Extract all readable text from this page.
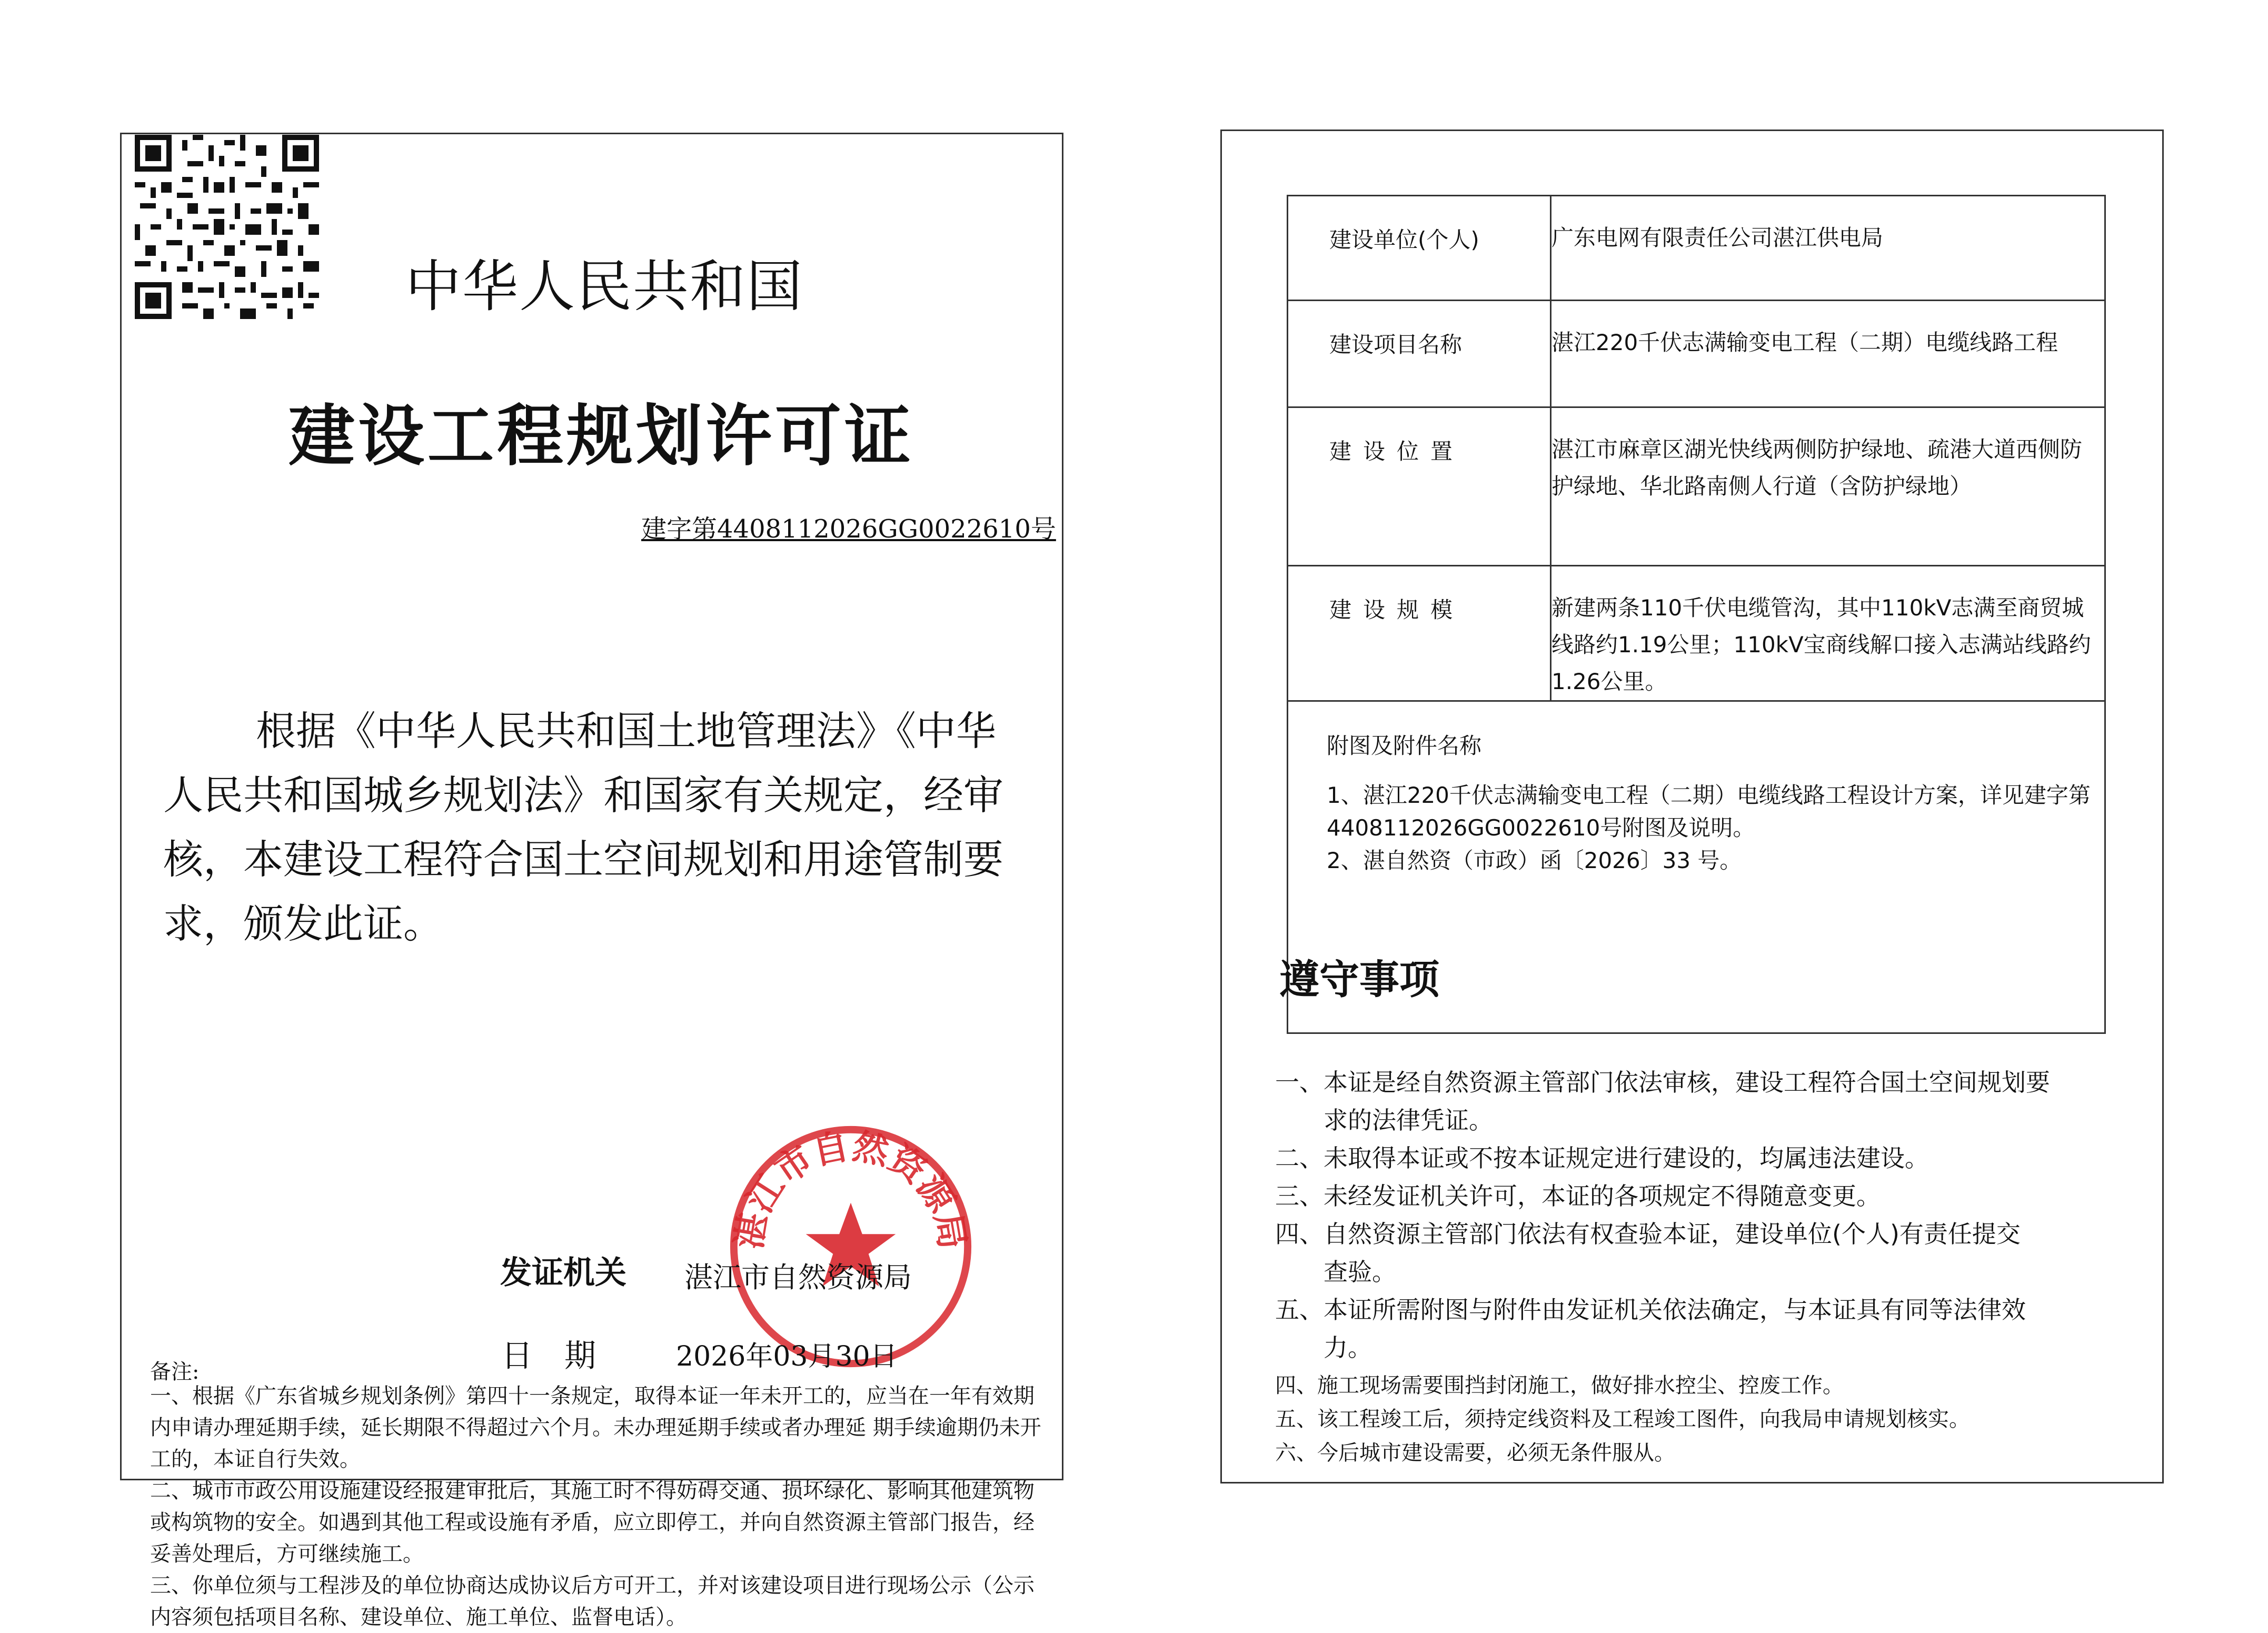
中华人民共和国
建设工程规划许可证
建字第4408112026GG0022610号
根据《中华人民共和国土地管理法》《中华人民共和国城乡规划法》和国家有关规定，经审核，本建设工程符合国土空间规划和用途管制要求，颁发此证。
湛江市自然资源局
发证机关 湛江市自然资源局
日期 2026年03月30日
备注:

一、根据《广东省城乡规划条例》第四十一条规定，取得本证一年未开工的，应当在一年有效期内申请办理延期手续，延长期限不得超过六个月。未办理延期手续或者办理延 期手续逾期仍未开工的，本证自行失效。

二、城市市政公用设施建设经报建审批后，其施工时不得妨碍交通、损坏绿化、影响其他建筑物或构筑物的安全。如遇到其他工程或设施有矛盾，应立即停工，并向自然资源主管部门报告，经妥善处理后，方可继续施工。

三、你单位须与工程涉及的单位协商达成协议后方可开工，并对该建设项目进行现场公示（公示内容须包括项目名称、建设单位、施工单位、监督电话）。

建设单位(个人)	广东电网有限责任公司湛江供电局
建设项目名称	湛江220千伏志满输变电工程（二期）电缆线路工程
建设位置	湛江市麻章区湖光快线两侧防护绿地、疏港大道西侧防护绿地、华北路南侧人行道（含防护绿地）
建设规模	新建两条110千伏电缆管沟，其中110kV志满至商贸城线路约1.19公里；110kV宝商线解口接入志满站线路约1.26公里。

附图及附件名称

1、湛江220千伏志满输变电工程（二期）电缆线路工程设计方案，详见建字第4408112026GG0022610号附图及说明。

2、湛自然资（市政）函〔2026〕33 号。

遵守事项

一、本证是经自然资源主管部门依法审核，建设工程符合国土空间规划要

求的法律凭证。

二、未取得本证或不按本证规定进行建设的，均属违法建设。

三、未经发证机关许可，本证的各项规定不得随意变更。

四、自然资源主管部门依法有权查验本证，建设单位(个人)有责任提交

查验。

五、本证所需附图与附件由发证机关依法确定，与本证具有同等法律效

力。

四、施工现场需要围挡封闭施工，做好排水控尘、控废工作。

五、该工程竣工后，须持定线资料及工程竣工图件，向我局申请规划核实。

六、今后城市建设需要，必须无条件服从。
